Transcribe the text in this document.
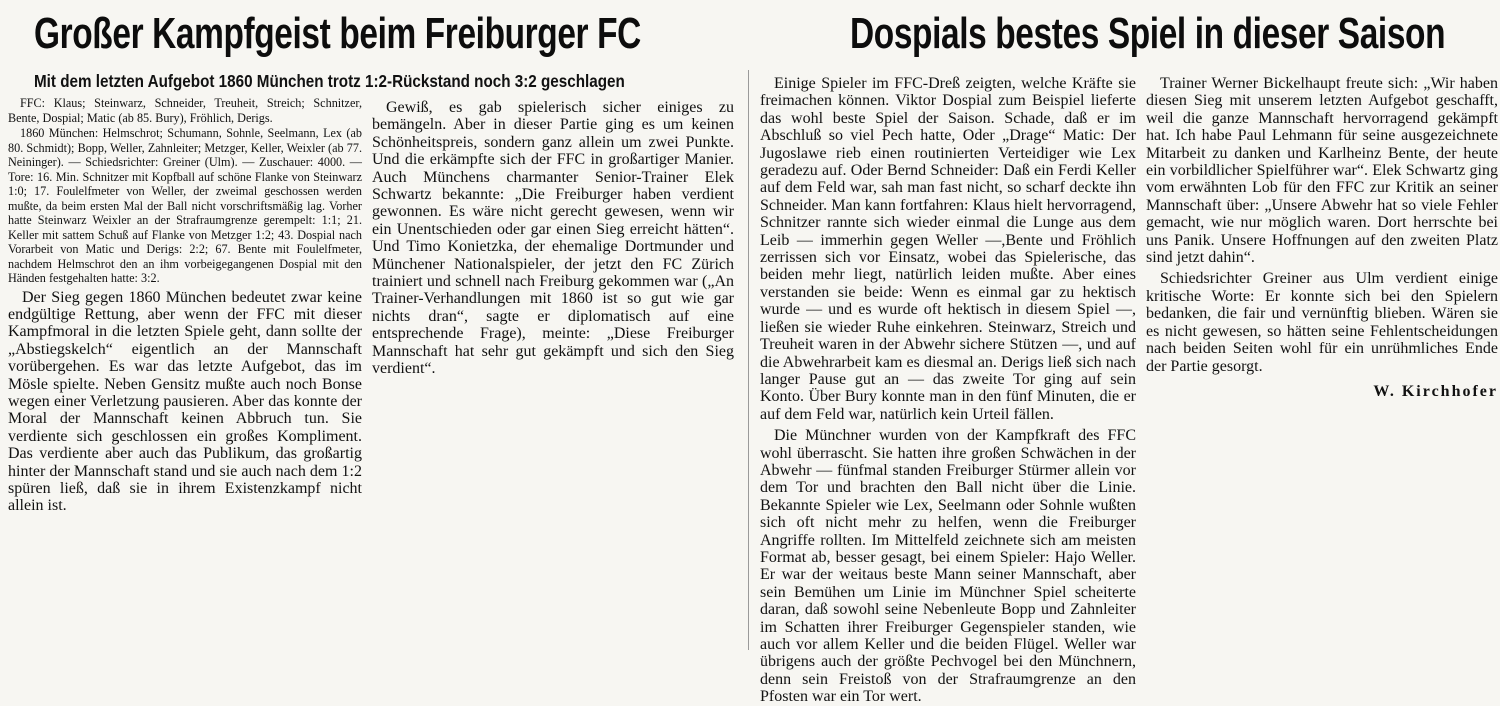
Großer Kampfgeist beim Freiburger FC	Dospials bestes Spiel in dieser Saison
Mit dem letzten Aufgebot 1860 München trotz 1:2-Rückstand noch 3:2 geschlagen

FFC: Klaus; Steinwarz, Schneider, Treuheit, Streich; Schnitzer, Bente, Dospial; Matic (ab 85. Bury), Fröhlich, Derigs.

1860 München: Helmschrot; Schumann, Sohnle, Seelmann, Lex (ab 80. Schmidt); Bopp, Weller, Zahnleiter; Metzger, Keller, Weixler (ab 77. Neininger). — Schiedsrichter: Greiner (Ulm). — Zuschauer: 4000. — Tore: 16. Min. Schnitzer mit Kopfball auf schöne Flanke von Steinwarz 1:0; 17. Foulelfmeter von Weller, der zweimal geschossen werden mußte, da beim ersten Mal der Ball nicht vorschriftsmäßig lag. Vorher hatte Steinwarz Weixler an der Strafraumgrenze gerempelt: 1:1; 21. Keller mit sattem Schuß auf Flanke von Metzger 1:2; 43. Dospial nach Vorarbeit von Matic und Derigs: 2:2; 67. Bente mit Foulelfmeter, nachdem Helmschrot den an ihm vorbeigegangenen Dospial mit den Händen festgehalten hatte: 3:2.

Der Sieg gegen 1860 München bedeutet zwar keine endgültige Rettung, aber wenn der FFC mit dieser Kampfmoral in die letzten Spiele geht, dann sollte der „Abstiegskelch“ eigentlich an der Mannschaft vorübergehen. Es war das letzte Aufgebot, das im Mösle spielte. Neben Gensitz mußte auch noch Bonse wegen einer Verletzung pausieren. Aber das konnte der Moral der Mannschaft keinen Abbruch tun. Sie verdiente sich geschlossen ein großes Kompliment. Das verdiente aber auch das Publikum, das großartig hinter der Mannschaft stand und sie auch nach dem 1:2 spüren ließ, daß sie in ihrem Existenzkampf nicht allein ist.

Gewiß, es gab spielerisch sicher einiges zu bemängeln. Aber in dieser Partie ging es um keinen Schönheitspreis, sondern ganz allein um zwei Punkte. Und die erkämpfte sich der FFC in großartiger Manier. Auch Münchens charmanter Senior-Trainer Elek Schwartz bekannte: „Die Freiburger haben verdient gewonnen. Es wäre nicht gerecht gewesen, wenn wir ein Unentschieden oder gar einen Sieg erreicht hätten“. Und Timo Konietzka, der ehemalige Dortmunder und Münchener Nationalspieler, der jetzt den FC Zürich trainiert und schnell nach Freiburg gekommen war („An Trainer-Verhandlungen mit 1860 ist so gut wie gar nichts dran“, sagte er diplomatisch auf eine entsprechende Frage), meinte: „Diese Freiburger Mannschaft hat sehr gut gekämpft und sich den Sieg verdient“.

Einige Spieler im FFC-Dreß zeigten, welche Kräfte sie freimachen können. Viktor Dospial zum Beispiel lieferte das wohl beste Spiel der Saison. Schade, daß er im Abschluß so viel Pech hatte, Oder „Drage“ Matic: Der Jugoslawe rieb einen routinierten Verteidiger wie Lex geradezu auf. Oder Bernd Schneider: Daß ein Ferdi Keller auf dem Feld war, sah man fast nicht, so scharf deckte ihn Schneider. Man kann fortfahren: Klaus hielt hervorragend, Schnitzer rannte sich wieder einmal die Lunge aus dem Leib — immerhin gegen Weller —,Bente und Fröhlich zerrissen sich vor Einsatz, wobei das Spielerische, das beiden mehr liegt, natürlich leiden mußte. Aber eines verstanden sie beide: Wenn es einmal gar zu hektisch wurde — und es wurde oft hektisch in diesem Spiel —, ließen sie wieder Ruhe einkehren. Steinwarz, Streich und Treuheit waren in der Abwehr sichere Stützen —, und auf die Abwehrarbeit kam es diesmal an. Derigs ließ sich nach langer Pause gut an — das zweite Tor ging auf sein Konto. Über Bury konnte man in den fünf Minuten, die er auf dem Feld war, natürlich kein Urteil fällen.

Die Münchner wurden von der Kampfkraft des FFC wohl überrascht. Sie hatten ihre großen Schwächen in der Abwehr — fünfmal standen Freiburger Stürmer allein vor dem Tor und brachten den Ball nicht über die Linie. Bekannte Spieler wie Lex, Seelmann oder Sohnle wußten sich oft nicht mehr zu helfen, wenn die Freiburger Angriffe rollten. Im Mittelfeld zeichnete sich am meisten Format ab, besser gesagt, bei einem Spieler: Hajo Weller. Er war der weitaus beste Mann seiner Mannschaft, aber sein Bemühen um Linie im Münchner Spiel scheiterte daran, daß sowohl seine Nebenleute Bopp und Zahnleiter im Schatten ihrer Freiburger Gegenspieler standen, wie auch vor allem Keller und die beiden Flügel. Weller war übrigens auch der größte Pechvogel bei den Münchnern, denn sein Freistoß von der Strafraumgrenze an den Pfosten war ein Tor wert.

Trainer Werner Bickelhaupt freute sich: „Wir haben diesen Sieg mit unserem letzten Aufgebot geschafft, weil die ganze Mannschaft hervorragend gekämpft hat. Ich habe Paul Lehmann für seine ausgezeichnete Mitarbeit zu danken und Karlheinz Bente, der heute ein vorbildlicher Spielführer war“. Elek Schwartz ging vom erwähnten Lob für den FFC zur Kritik an seiner Mannschaft über: „Unsere Abwehr hat so viele Fehler gemacht, wie nur möglich waren. Dort herrschte bei uns Panik. Unsere Hoffnungen auf den zweiten Platz sind jetzt dahin“.

Schiedsrichter Greiner aus Ulm verdient einige kritische Worte: Er konnte sich bei den Spielern bedanken, die fair und vernünftig blieben. Wären sie es nicht gewesen, so hätten seine Fehlentscheidungen nach beiden Seiten wohl für ein unrühmliches Ende der Partie gesorgt.

W. Kirchhofer
